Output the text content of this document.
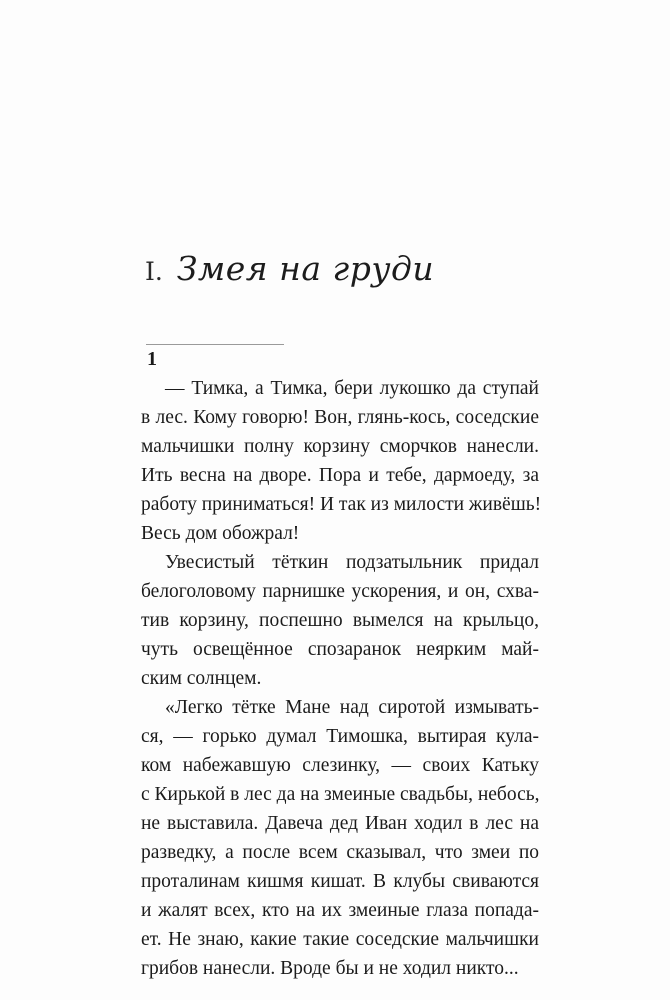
I. Змея на груди
1
— Тимка, а Тимка, бери лукошко да ступай
в лес. Кому говорю! Вон, глянь-кось, соседские
мальчишки полну корзину сморчков нанесли.
Ить весна на дворе. Пора и тебе, дармоеду, за
работу приниматься! И так из милости живёшь!
Весь дом обожрал!
Увесистый тёткин подзатыльник придал
белоголовому парнишке ускорения, и он, схва-
тив корзину, поспешно вымелся на крыльцо,
чуть освещённое спозаранок неярким май-
ским солнцем.
«Легко тётке Мане над сиротой измывать-
ся, — горько думал Тимошка, вытирая кула-
ком набежавшую слезинку, — своих Катьку
с Кирькой в лес да на змеиные свадьбы, небось,
не выставила. Давеча дед Иван ходил в лес на
разведку, а после всем сказывал, что змеи по
проталинам кишмя кишат. В клубы свиваются
и жалят всех, кто на их змеиные глаза попада-
ет. Не знаю, какие такие соседские мальчишки
грибов нанесли. Вроде бы и не ходил никто...
